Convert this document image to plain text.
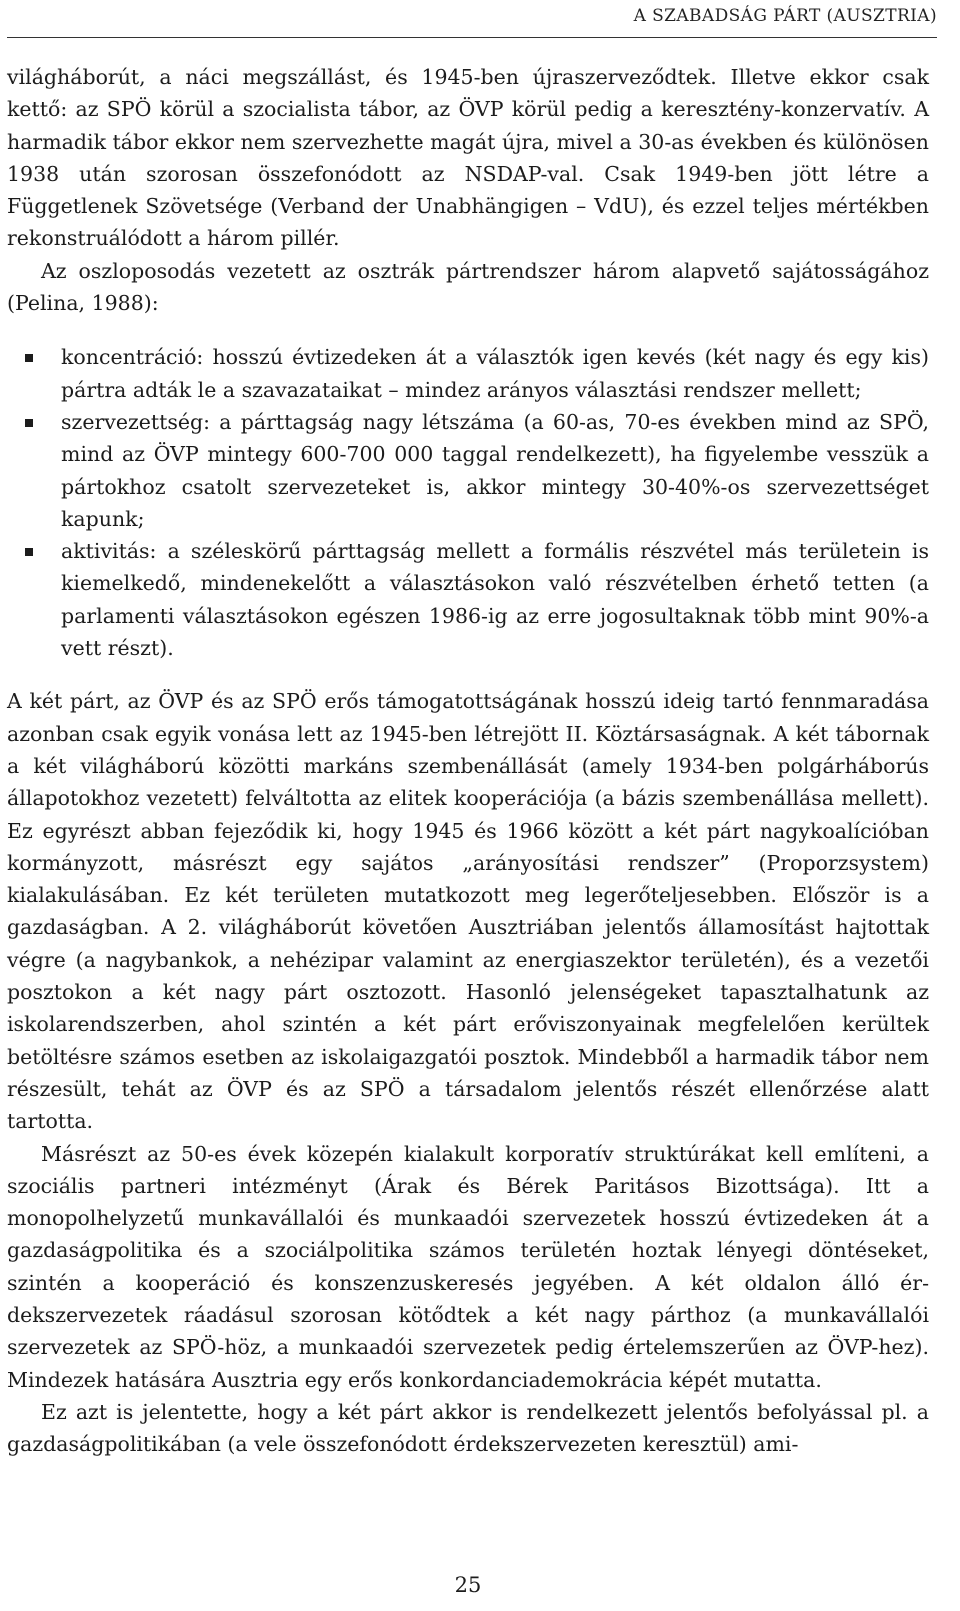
A SZABADSÁG PÁRT (AUSZTRIA)

világháborút, a náci megszállást, és 1945-ben újraszerveződtek. Illetve ekkor csak kettő: az SPÖ körül a szocialista tábor, az ÖVP körül pedig a keresztény-konzervatív. A harmadik tábor ekkor nem szervezhette magát újra, mivel a 30-as években és különösen 1938 után szorosan összefonódott az NSDAP-val. Csak 1949-ben jött létre a Függetlenek Szövetsége (Verband der Unabhängigen – VdU), és ezzel teljes mértékben rekonstruálódott a három pillér.

Az oszloposodás vezetett az osztrák pártrendszer három alapvető sajátosságához (Pelina, 1988):

koncentráció: hosszú évtizedeken át a választók igen kevés (két nagy és egy kis) pártra adták le a szavazataikat – mindez arányos választási rendszer mellett;
szervezettség: a párttagság nagy létszáma (a 60-as, 70-es években mind az SPÖ, mind az ÖVP mintegy 600-700 000 taggal rendelkezett), ha figyelembe vesszük a pártokhoz csatolt szervezeteket is, akkor mintegy 30-40%-os szervezettséget kapunk;
aktivitás: a széleskörű párttagság mellett a formális részvétel más területein is kiemelkedő, mindenekelőtt a választásokon való részvételben érhető tetten (a parlamenti választásokon egészen 1986-ig az erre jogosultaknak több mint 90%-a vett részt).

A két párt, az ÖVP és az SPÖ erős támogatottságának hosszú ideig tartó fennmaradása azonban csak egyik vonása lett az 1945-ben létrejött II. Köztársaságnak. A két tábornak a két világháború közötti markáns szembenállását (amely 1934-ben polgárháborús állapotokhoz vezetett) felváltotta az elitek kooperációja (a bázis szembenállása mellett). Ez egyrészt abban fejeződik ki, hogy 1945 és 1966 között a két párt nagykoalícióban kormányzott, másrészt egy sajátos „arányosítási rendszer” (Proporzsystem) kialakulásában. Ez két területen mutatkozott meg legerőteljesebben. Először is a gazdaságban. A 2. világháborút követően Ausztriában jelentős államosítást hajtottak végre (a nagybankok, a nehézipar valamint az energiaszektor területén), és a vezetői posztokon a két nagy párt osztozott. Hasonló jelenségeket tapasztalhatunk az iskolarendszerben, ahol szintén a két párt erőviszonyainak megfelelően kerültek betöltésre számos esetben az iskolaigazgatói posztok. Mindebből a harmadik tábor nem részesült, tehát az ÖVP és az SPÖ a társadalom jelentős részét ellenőrzése alatt tartotta.

Másrészt az 50-es évek közepén kialakult korporatív struktúrákat kell említeni, a szociális partneri intézményt (Árak és Bérek Paritásos Bizottsága). Itt a monopolhelyzetű munkavállalói és munkaadói szervezetek hosszú évtizedeken át a gazdaságpolitika és a szociálpolitika számos területén hoztak lényegi döntéseket, szintén a kooperáció és konszenzuskeresés jegyében. A két oldalon álló érdekszervezetek ráadásul szorosan kötődtek a két nagy párthoz (a munkavállalói szervezetek az SPÖ-höz, a munkaadói szervezetek pedig értelemszerűen az ÖVP-hez). Mindezek hatására Ausztria egy erős konkordanciademokrácia képét mutatta.

Ez azt is jelentette, hogy a két párt akkor is rendelkezett jelentős befolyással pl. a gazdaságpolitikában (a vele összefonódott érdekszervezeten keresztül) ami-

25
